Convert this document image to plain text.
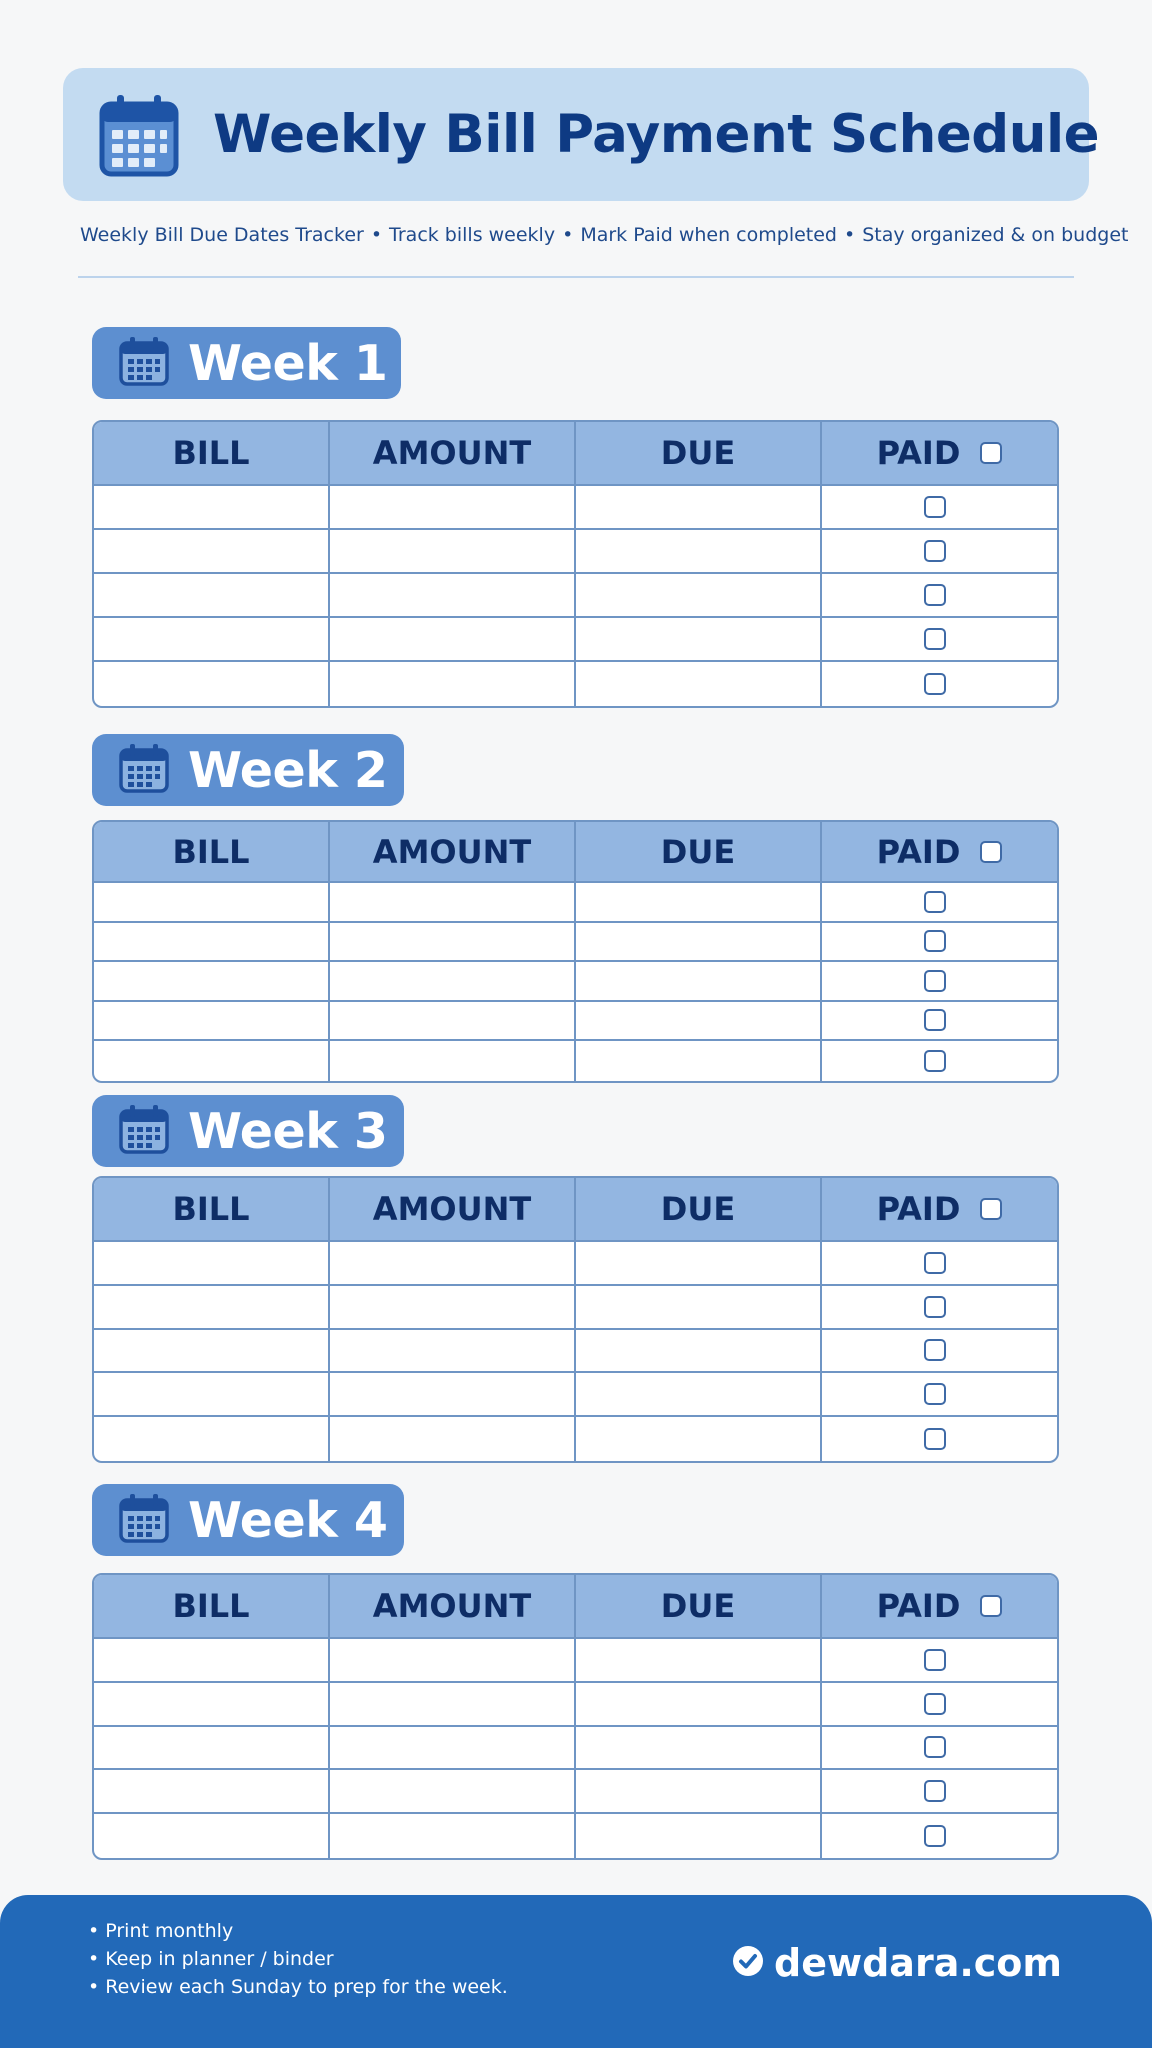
Weekly Bill Payment Schedule
Weekly Bill Due Dates Tracker • Track bills weekly • Mark Paid when completed • Stay organized & on budget
Week 1
BILL	AMOUNT	DUE	PAID
Week 2
BILL	AMOUNT	DUE	PAID
Week 3
BILL	AMOUNT	DUE	PAID
Week 4
BILL	AMOUNT	DUE	PAID
• Print monthly
• Keep in planner / binder
• Review each Sunday to prep for the week.
dewdara.com
